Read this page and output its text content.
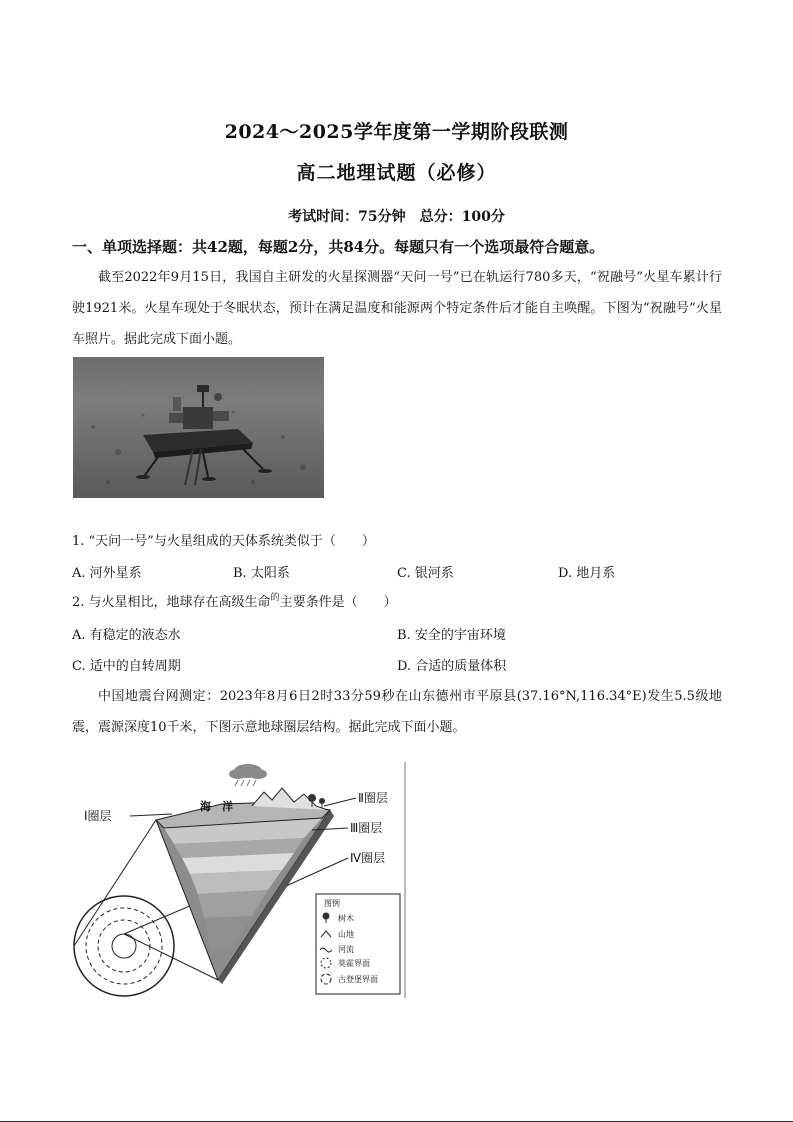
2024～2025学年度第一学期阶段联测
高二地理试题（必修）
考试时间：75分钟　总分：100分
一、单项选择题：共42题，每题2分，共84分。每题只有一个选项最符合题意。
截至2022年9月15日，我国自主研发的火星探测器“天问一号”已在轨运行780多天，“祝融号”火星车累计行驶1921米。火星车现处于冬眠状态，预计在满足温度和能源两个特定条件后才能自主唤醒。下图为“祝融号”火星车照片。据此完成下面小题。
1. “天问一号”与火星组成的天体系统类似于（　　）
A. 河外星系	B. 太阳系	C. 银河系	D. 地月系
2. 与火星相比，地球存在高级生命$^的$主要条件是（　　）
A. 有稳定的液态水	B. 安全的宇宙环境
C. 适中的自转周期	D. 合适的质量体积
中国地震台网测定：2023年8月6日2时33分59秒在山东德州市平原县(37.16°N,116.34°E)发生5.5级地震，震源深度10千米，下图示意地球圈层结构。据此完成下面小题。
海　洋
Ⅰ圈层
Ⅱ圈层
Ⅲ圈层
Ⅳ圈层
图例
树木
山地
河流
莫霍界面
古登堡界面
